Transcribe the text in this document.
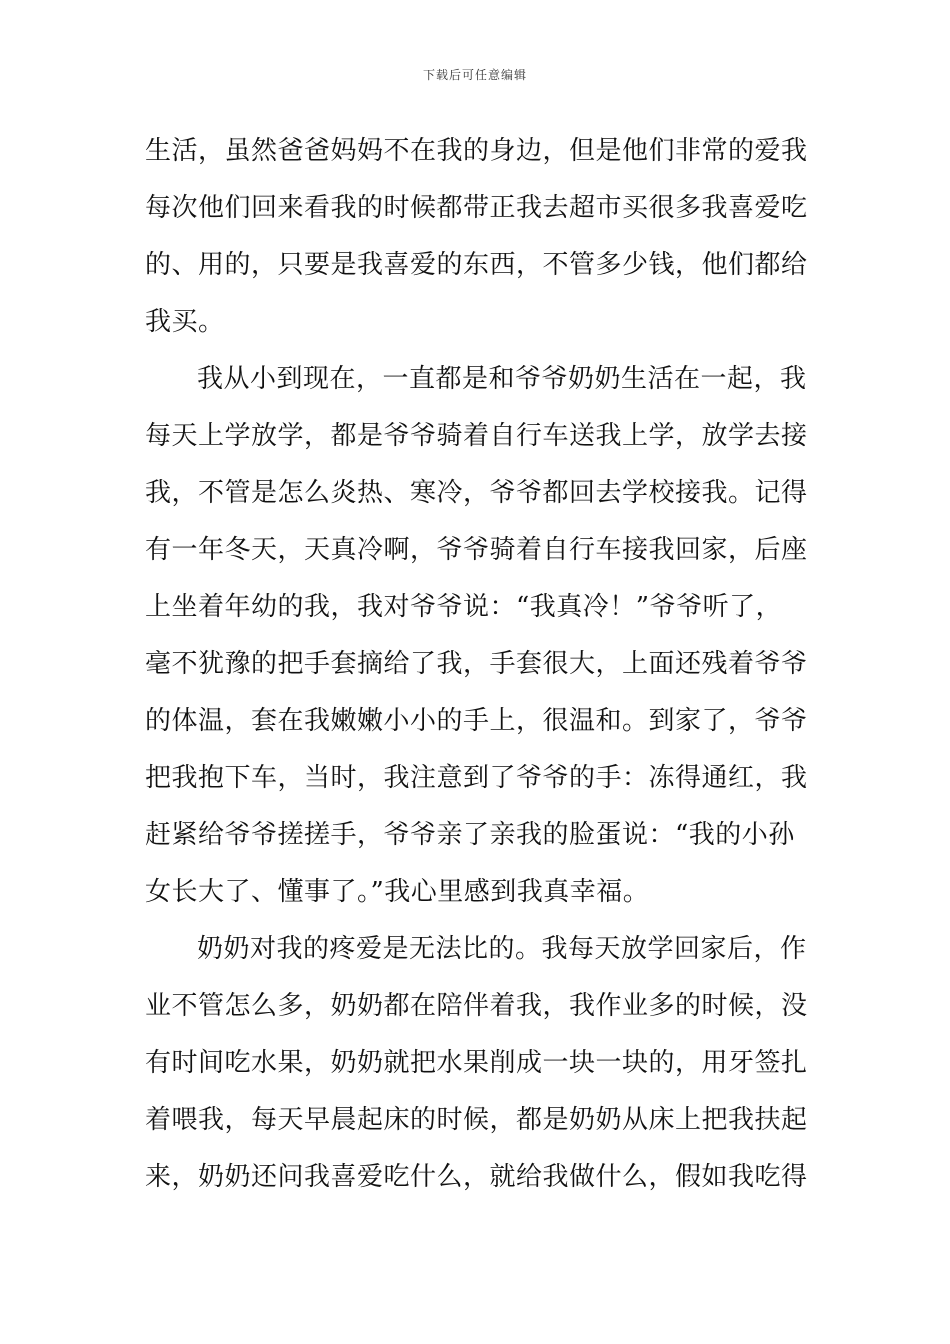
下载后可任意编辑
生活，虽然爸爸妈妈不在我的身边，但是他们非常的爱我
每次他们回来看我的时候都带正我去超市买很多我喜爱吃
的、用的，只要是我喜爱的东西，不管多少钱，他们都给
我买。
我从小到现在，一直都是和爷爷奶奶生活在一起，我
每天上学放学，都是爷爷骑着自行车送我上学，放学去接
我，不管是怎么炎热、寒冷，爷爷都回去学校接我。记得
有一年冬天，天真冷啊，爷爷骑着自行车接我回家，后座
上坐着年幼的我，我对爷爷说：“我真冷！”爷爷听了，
毫不犹豫的把手套摘给了我，手套很大，上面还残着爷爷
的体温，套在我嫩嫩小小的手上，很温和。到家了，爷爷
把我抱下车，当时，我注意到了爷爷的手：冻得通红，我
赶紧给爷爷搓搓手，爷爷亲了亲我的脸蛋说：“我的小孙
女长大了、懂事了。”我心里感到我真幸福。
奶奶对我的疼爱是无法比的。我每天放学回家后，作
业不管怎么多，奶奶都在陪伴着我，我作业多的时候，没
有时间吃水果，奶奶就把水果削成一块一块的，用牙签扎
着喂我，每天早晨起床的时候，都是奶奶从床上把我扶起
来，奶奶还问我喜爱吃什么，就给我做什么，假如我吃得
